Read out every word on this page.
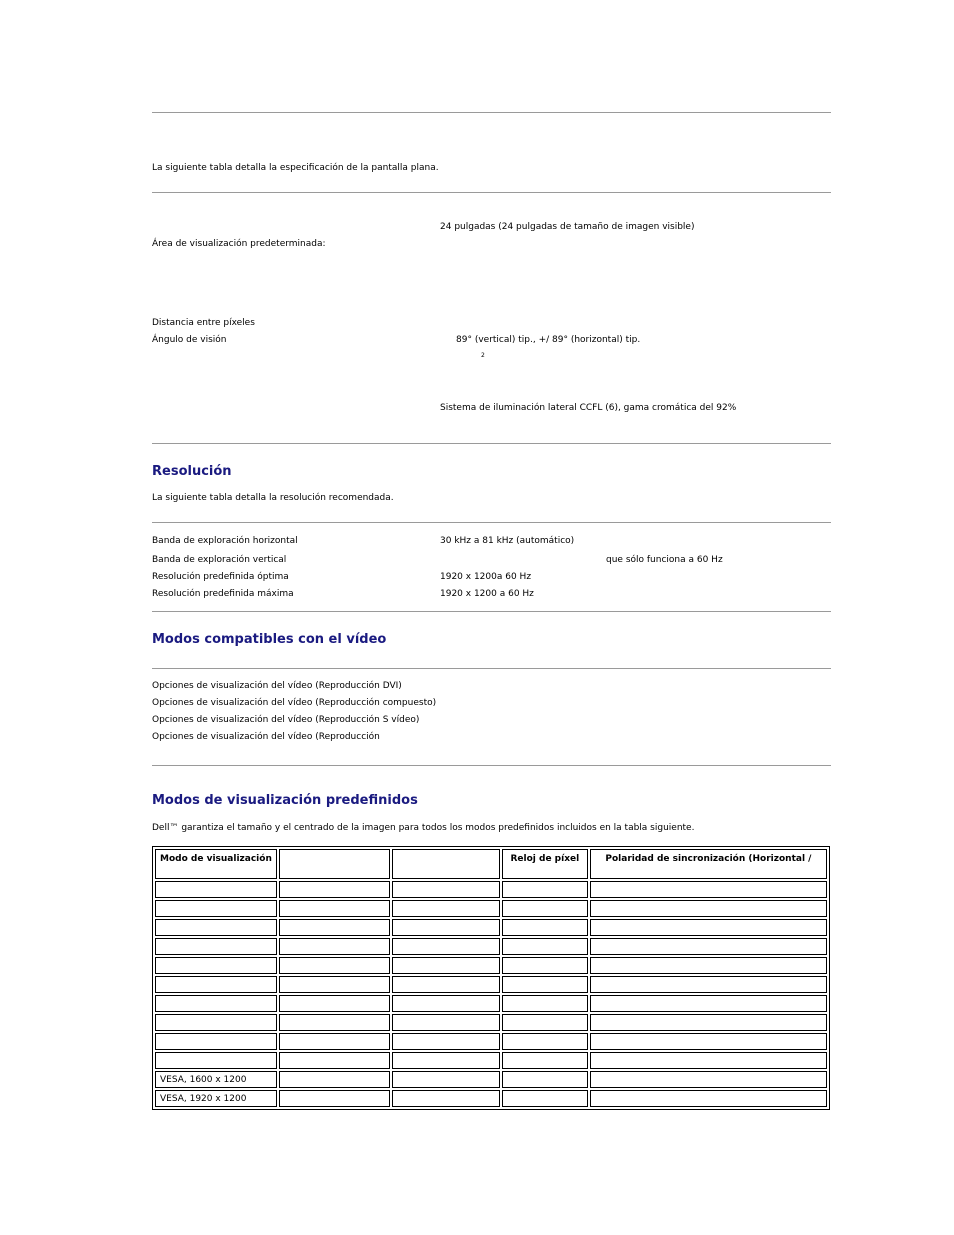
La siguiente tabla detalla la especificación de la pantalla plana.
24 pulgadas (24 pulgadas de tamaño de imagen visible)
Área de visualización predeterminada:
Distancia entre píxeles
Ángulo de visión	89° (vertical) tip., +/ 89° (horizontal) tip.
2
Sistema de iluminación lateral CCFL (6), gama cromática del 92%
Resolución
La siguiente tabla detalla la resolución recomendada.
Banda de exploración horizontal	30 kHz a 81 kHz (automático)
Banda de exploración vertical	que sólo funciona a 60 Hz
Resolución predefinida óptima	1920 x 1200a 60 Hz
Resolución predefinida máxima	1920 x 1200 a 60 Hz
Modos compatibles con el vídeo
Opciones de visualización del vídeo (Reproducción DVI)
Opciones de visualización del vídeo (Reproducción compuesto)
Opciones de visualización del vídeo (Reproducción S vídeo)
Opciones de visualización del vídeo (Reproducción
Modos de visualización predefinidos
Dell™ garantiza el tamaño y el centrado de la imagen para todos los modos predefinidos incluidos en la tabla siguiente.
Modo de visualización			Reloj de píxel	Polaridad de sincronización (Horizontal /

VESA, 1600 x 1200				
VESA, 1920 x 1200				
